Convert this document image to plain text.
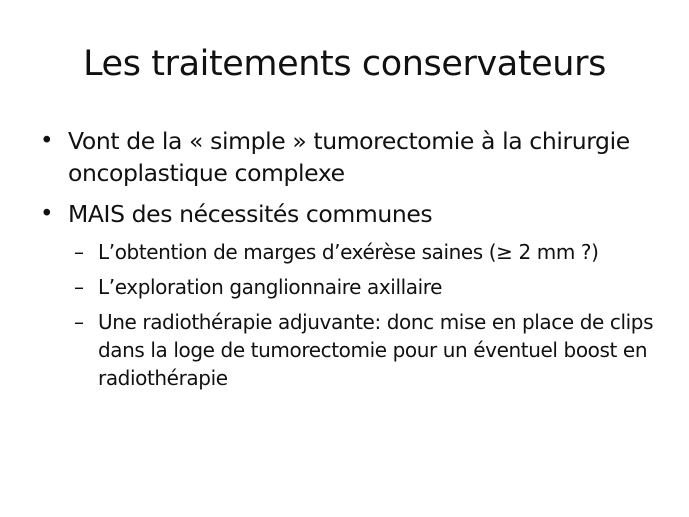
Les traitements conservateurs
• Vont de la « simple » tumorectomie à la chirurgie oncoplastique complexe
• MAIS des nécessités communes
– L’obtention de marges d’exérèse saines (≥ 2 mm ?)
– L’exploration ganglionnaire axillaire
– Une radiothérapie adjuvante: donc mise en place de clips dans la loge de tumorectomie pour un éventuel boost en radiothérapie
